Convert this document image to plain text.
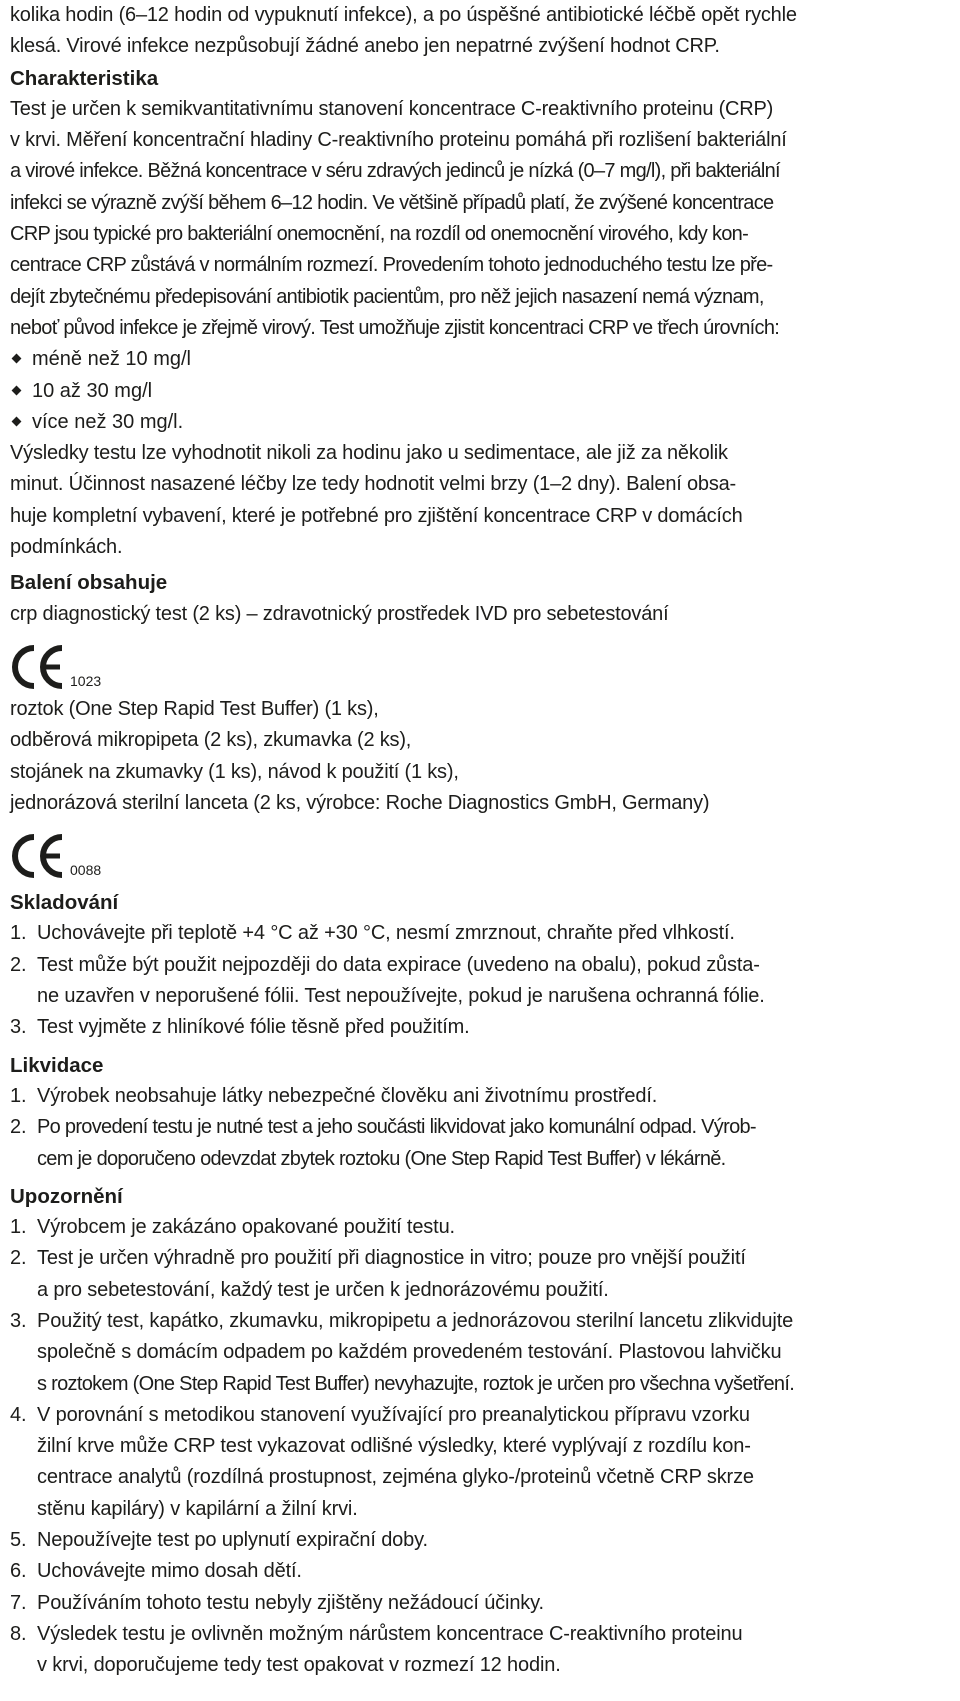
kolika hodin (6–12 hodin od vypuknutí infekce), a po úspěšné antibiotické léčbě opět rychle
klesá. Virové infekce nezpůsobují žádné anebo jen nepatrné zvýšení hodnot CRP.

Charakteristika

Test je určen k semikvantitativnímu stanovení koncentrace C-reaktivního proteinu (CRP)
v krvi. Měření koncentrační hladiny C-reaktivního proteinu pomáhá při rozlišení bakteriální
a virové infekce. Běžná koncentrace v séru zdravých jedinců je nízká (0–7 mg/l), při bakteriální
infekci se výrazně zvýší během 6–12 hodin. Ve většině případů platí, že zvýšené koncentrace
CRP jsou typické pro bakteriální onemocnění, na rozdíl od onemocnění virového, kdy kon-
centrace CRP zůstává v normálním rozmezí. Provedením tohoto jednoduchého testu lze pře-
dejít zbytečnému předepisování antibiotik pacientům, pro něž jejich nasazení nemá význam,
neboť původ infekce je zřejmě virový. Test umožňuje zjistit koncentraci CRP ve třech úrovních:

méně než 10 mg/l
10 až 30 mg/l
více než 30 mg/l.

Výsledky testu lze vyhodnotit nikoli za hodinu jako u sedimentace, ale již za několik
minut. Účinnost nasazené léčby lze tedy hodnotit velmi brzy (1–2 dny). Balení obsa-
huje kompletní vybavení, které je potřebné pro zjištění koncentrace CRP v domácích
podmínkách.

Balení obsahuje

crp diagnostický test (2 ks) – zdravotnický prostředek IVD pro sebetestování

1023

roztok (One Step Rapid Test Buffer) (1 ks),
odběrová mikropipeta (2 ks), zkumavka (2 ks),
stojánek na zkumavky (1 ks), návod k použití (1 ks),
jednorázová sterilní lanceta (2 ks, výrobce: Roche Diagnostics GmbH, Germany)

0088
Skladování
1. Uchovávejte při teplotě +4 °C až +30 °C, nesmí zmrznout, chraňte před vlhkostí.
2. Test může být použit nejpozději do data expirace (uvedeno na obalu), pokud zůsta-
ne uzavřen v neporušené fólii. Test nepoužívejte, pokud je narušena ochranná fólie.
3. Test vyjměte z hliníkové fólie těsně před použitím.
Likvidace
1. Výrobek neobsahuje látky nebezpečné člověku ani životnímu prostředí.
2. Po provedení testu je nutné test a jeho součásti likvidovat jako komunální odpad. Výrob-
cem je doporučeno odevzdat zbytek roztoku (One Step Rapid Test Buffer) v lékárně.
Upozornění
1. Výrobcem je zakázáno opakované použití testu.
2. Test je určen výhradně pro použití při diagnostice in vitro; pouze pro vnější použití
a pro sebetestování, každý test je určen k jednorázovému použití.
3. Použitý test, kapátko, zkumavku, mikropipetu a jednorázovou sterilní lancetu zlikvidujte
společně s domácím odpadem po každém provedeném testování. Plastovou lahvičku
s roztokem (One Step Rapid Test Buffer) nevyhazujte, roztok je určen pro všechna vyšetření.
4. V porovnání s metodikou stanovení využívající pro preanalytickou přípravu vzorku
žilní krve může CRP test vykazovat odlišné výsledky, které vyplývají z rozdílu kon-
centrace analytů (rozdílná prostupnost, zejména glyko-/proteinů včetně CRP skrze
stěnu kapiláry) v kapilární a žilní krvi.
5. Nepoužívejte test po uplynutí expirační doby.
6. Uchovávejte mimo dosah dětí.
7. Používáním tohoto testu nebyly zjištěny nežádoucí účinky.
8. Výsledek testu je ovlivněn možným nárůstem koncentrace C-reaktivního proteinu
v krvi, doporučujeme tedy test opakovat v rozmezí 12 hodin.
